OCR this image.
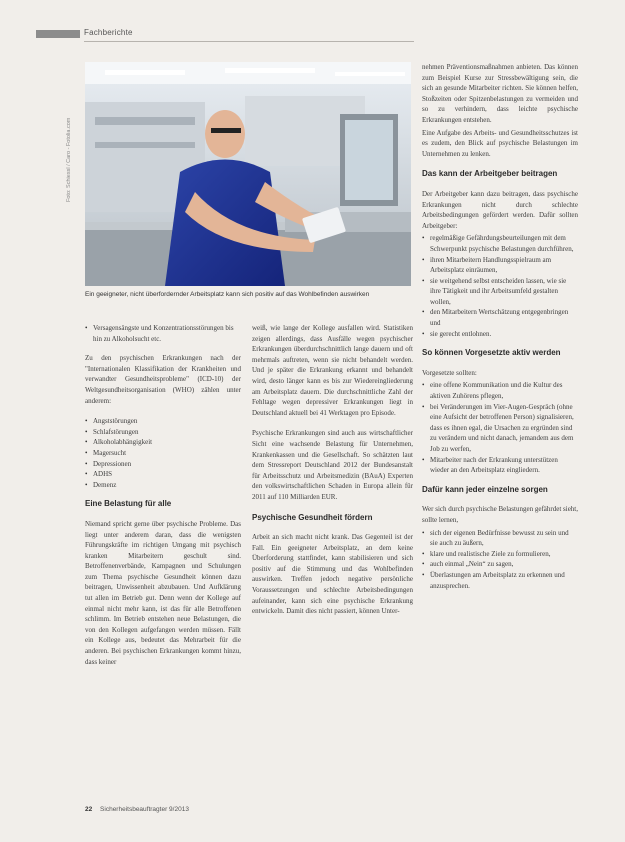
Fachberichte
Foto: Schiessl / Caro - Fotolia.com
Ein geeigneter, nicht überfordernder Arbeitsplatz kann sich positiv auf das Wohlbefinden auswirken
• Versagensängste und Konzentrationsstörungen bis hin zu Alkoholsucht etc.

Zu den psychischen Erkrankungen nach der "Internationalen Klassifikation der Krankheiten und verwandter Gesundheitsprobleme" (ICD-10) der Weltgesundheitsorganisation (WHO) zählen unter anderem:

• Angststörungen
• Schlafstörungen
• Alkoholabhängigkeit
• Magersucht
• Depressionen
• ADHS
• Demenz
Eine Belastung für alle

Niemand spricht gerne über psychische Probleme. Das liegt unter anderem daran, dass die wenigsten Führungskräfte im richtigen Umgang mit psychisch kranken Mitarbeitern geschult sind. Betroffenenverbände, Kampagnen und Schulungen zum Thema psychische Gesundheit können dazu beitragen, Unwissenheit abzubauen. Und Aufklärung tut allen im Betrieb gut. Denn wenn der Kollege auf einmal nicht mehr kann, ist das für alle Betroffenen schlimm. Im Betrieb entstehen neue Belastungen, die von den Kollegen aufgefangen werden müssen. Fällt ein Kollege aus, bedeutet das Mehrarbeit für die anderen. Bei psychischen Erkrankungen kommt hinzu, dass keiner

weiß, wie lange der Kollege ausfallen wird. Statistiken zeigen allerdings, dass Ausfälle wegen psychischer Erkrankungen überdurchschnittlich lange dauern und oft mehrmals auftreten, wenn sie nicht behandelt werden. Und je später die Erkrankung erkannt und behandelt wird, desto länger kann es bis zur Wiedereingliederung am Arbeitsplatz dauern. Die durchschnittliche Zahl der Fehltage wegen depressiver Erkrankungen liegt in Deutschland aktuell bei 41 Werktagen pro Episode.

Psychische Erkrankungen sind auch aus wirtschaftlicher Sicht eine wachsende Belastung für Unternehmen, Krankenkassen und die Gesellschaft. So schätzten laut dem Stressreport Deutschland 2012 der Bundesanstalt für Arbeitsschutz und Arbeitsmedizin (BAuA) Experten den volkswirtschaftlichen Schaden in Europa allein für 2011 auf 110 Milliarden EUR.

Psychische Gesundheit fördern

Arbeit an sich macht nicht krank. Das Gegenteil ist der Fall. Ein geeigneter Arbeitsplatz, an dem keine Überforderung stattfindet, kann stabilisieren und sich positiv auf die Stimmung und das Wohlbefinden auswirken. Treffen jedoch negative persönliche Voraussetzungen und schlechte Arbeitsbedingungen aufeinander, kann sich eine psychische Erkrankung entwickeln. Damit dies nicht passiert, können Unter-

nehmen Präventionsmaßnahmen anbieten. Das können zum Beispiel Kurse zur Stressbewältigung sein, die sich an gesunde Mitarbeiter richten. Sie können helfen, Stoßzeiten oder Spitzenbelastungen zu vermeiden und so zu verhindern, dass leichte psychische Erkrankungen entstehen.

Eine Aufgabe des Arbeits- und Gesundheitsschutzes ist es zudem, den Blick auf psychische Belastungen im Unternehmen zu lenken.

Das kann der Arbeitgeber beitragen

Der Arbeitgeber kann dazu beitragen, dass psychische Erkrankungen nicht durch schlechte Arbeitsbedingungen gefördert werden. Dafür sollten Arbeitgeber:

• regelmäßige Gefährdungsbeurteilungen mit dem Schwerpunkt psychische Belastungen durchführen,
• ihren Mitarbeitern Handlungsspielraum am Arbeitsplatz einräumen,
• sie weitgehend selbst entscheiden lassen, wie sie ihre Tätigkeit und ihr Arbeitsumfeld gestalten wollen,
• den Mitarbeitern Wertschätzung entgegenbringen und
• sie gerecht entlohnen.
So können Vorgesetzte aktiv werden

Vorgesetzte sollten:

• eine offene Kommunikation und die Kultur des aktiven Zuhörens pflegen,
• bei Veränderungen im Vier-Augen-Gespräch (ohne eine Aufsicht der betroffenen Person) signalisieren, dass es ihnen egal, die Ursachen zu ergründen sind zu verändern und nicht danach, jemandem aus dem Job zu werfen,
• Mitarbeiter nach der Erkrankung unterstützen wieder an den Arbeitsplatz eingliedern.
Dafür kann jeder einzelne sorgen

Wer sich durch psychische Belastungen gefährdet sieht, sollte lernen,

• sich der eigenen Bedürfnisse bewusst zu sein und sie auch zu äußern,
• klare und realistische Ziele zu formulieren,
• auch einmal „Nein“ zu sagen,
• Überlastungen am Arbeitsplatz zu erkennen und anzusprechen.
22 Sicherheitsbeauftragter 9/2013
